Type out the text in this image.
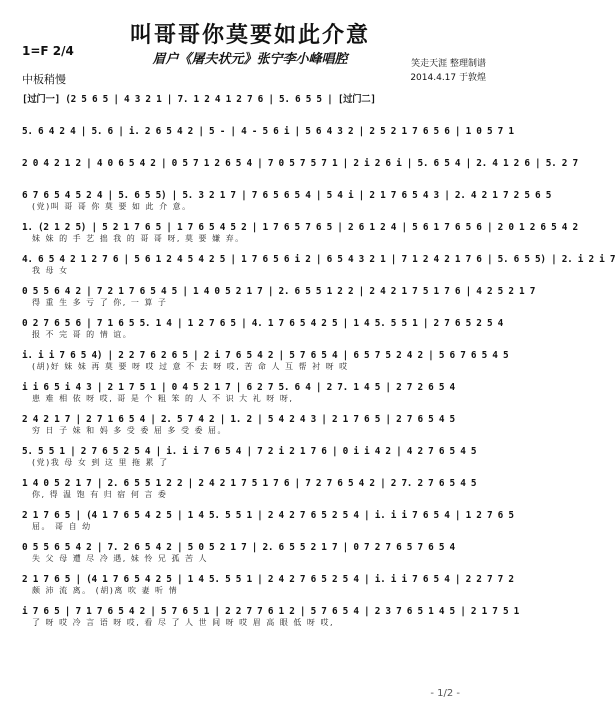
叫哥哥你莫要如此介意
眉户《屠夫状元》张宁李小峰唱腔
1=F 2/4
中板稍慢
笑走天涯 整理制谱
2014.4.17 于敦煌
[过门一] (2 5 6 5 | 4 3 2 1 | 7. 1 2 4 1 2 7 6 | 5. 6 5 5 | [过门二]
5. 6 4 2 4 | 5. 6 | i. 2 6 5 4 2 | 5 - | 4 - 5 6 i | 5 6 4 3 2 | 2 5 2 1 7 6 5 6 | 1 0 5 7 1
2 0 4 2 1 2 | 4 0 6 5 4 2 | 0 5 7 1 2 6 5 4 | 7 0 5 7 5 7 1 | 2 i 2 6 i | 5. 6 5 4 | 2. 4 1 2 6 | 5. 2 7
6 7 6 5 4 5 2 4 | 5. 6 5 5) | 5. 3 2 1 7 | 7 6 5 6 5 4 | 5 4 i | 2 1 7 6 5 4 3 | 2. 4 2 1 7 2 5 6 5
(党)叫 哥 哥 你 莫 要 如 此 介 意。
1. (2 1 2 5) | 5 2 1 7 6 5 | 1 7 6 5 4 5 2 | 1 7 6 5 7 6 5 | 2 6 1 2 4 | 5 6 1 7 6 5 6 | 2 0 1 2 6 5 4 2
妹 妹 的 手 艺 拙 我 的 哥 哥 呀, 莫 要 嫌 弃。
4. 6 5 4 2 1 2 7 6 | 5 6 1 2 4 5 4 2 5 | 1 7 6 5 6 i 2 | 6 5 4 3 2 1 | 7 1 2 4 2 1 7 6 | 5. 6 5 5) | 2. i 2 i 7
我 母 女
0 5 5 6 4 2 | 7 2 1 7 6 5 4 5 | 1 4 0 5 2 1 7 | 2. 6 5 5 1 2 2 | 2 4 2 1 7 5 1 7 6 | 4 2 5 2 1 7
得 重 生 多 亏 了 你, 一 算 子
0 2 7 6 5 6 | 7 1 6 5 5. 1 4 | 1 2 7 6 5 | 4. 1 7 6 5 4 2 5 | 1 4 5. 5 5 1 | 2 7 6 5 2 5 4
报 不 完 哥 的 情 谊。
i. i i 7 6 5 4) | 2 2 7 6 2 6 5 | 2 i 7 6 5 4 2 | 5 7 6 5 4 | 6 5 7 5 2 4 2 | 5 6 7 6 5 4 5
(胡)好 妹 妹 再 莫 要 呀 哎 过 意 不 去 呀 哎, 苦 命 人 互 帮 衬 呀 哎
i i 6 5 i 4 3 | 2 1 7 5 1 | 0 4 5 2 1 7 | 6 2 7 5. 6 4 | 2 7. 1 4 5 | 2 7 2 6 5 4
患 难 相 依 呀 哎, 哥 是 个 粗 笨 的 人 不 识 大 礼 呀 呀,
2 4 2 1 7 | 2 7 1 6 5 4 | 2. 5 7 4 2 | 1. 2 | 5 4 2 4 3 | 2 1 7 6 5 | 2 7 6 5 4 5
穷 日 子 妹 和 妈 多 受 委 屈 多 受 委 屈。
5. 5 5 1 | 2 7 6 5 2 5 4 | i. i i 7 6 5 4 | 7 2 i 2 1 7 6 | 0 i i 4 2 | 4 2 7 6 5 4 5
(党)我 母 女 到 这 里 拖 累 了
1 4 0 5 2 1 7 | 2. 6 5 5 1 2 2 | 2 4 2 1 7 5 1 7 6 | 7 2 7 6 5 4 2 | 2 7. 2 7 6 5 4 5
你, 得 温 饱 有 归 宿 何 言 委
2 1 7 6 5 | (4 1 7 6 5 4 2 5 | 1 4 5. 5 5 1 | 2 4 2 7 6 5 2 5 4 | i. i i 7 6 5 4 | 1 2 7 6 5
屈。 哥 自 幼
0 5 5 6 5 4 2 | 7. 2 6 5 4 2 | 5 0 5 2 1 7 | 2. 6 5 5 2 1 7 | 0 7 2 7 6 5 7 6 5 4
失 父 母 遭 尽 冷 遇, 妹 怜 兄 孤 苦 人
2 1 7 6 5 | (4 1 7 6 5 4 2 5 | 1 4 5. 5 5 1 | 2 4 2 7 6 5 2 5 4 | i. i i 7 6 5 4 | 2 2 7 7 2
颇 沛 流 离。 (胡)离 吹 妻 听 情
i 7 6 5 | 7 1 7 6 5 4 2 | 5 7 6 5 1 | 2 2 7 7 6 1 2 | 5 7 6 5 4 | 2 3 7 6 5 1 4 5 | 2 1 7 5 1
了 呀 哎 冷 言 语 呀 哎, 看 尽 了 人 世 间 呀 哎 眉 高 眼 低 呀 哎,
- 1/2 -
